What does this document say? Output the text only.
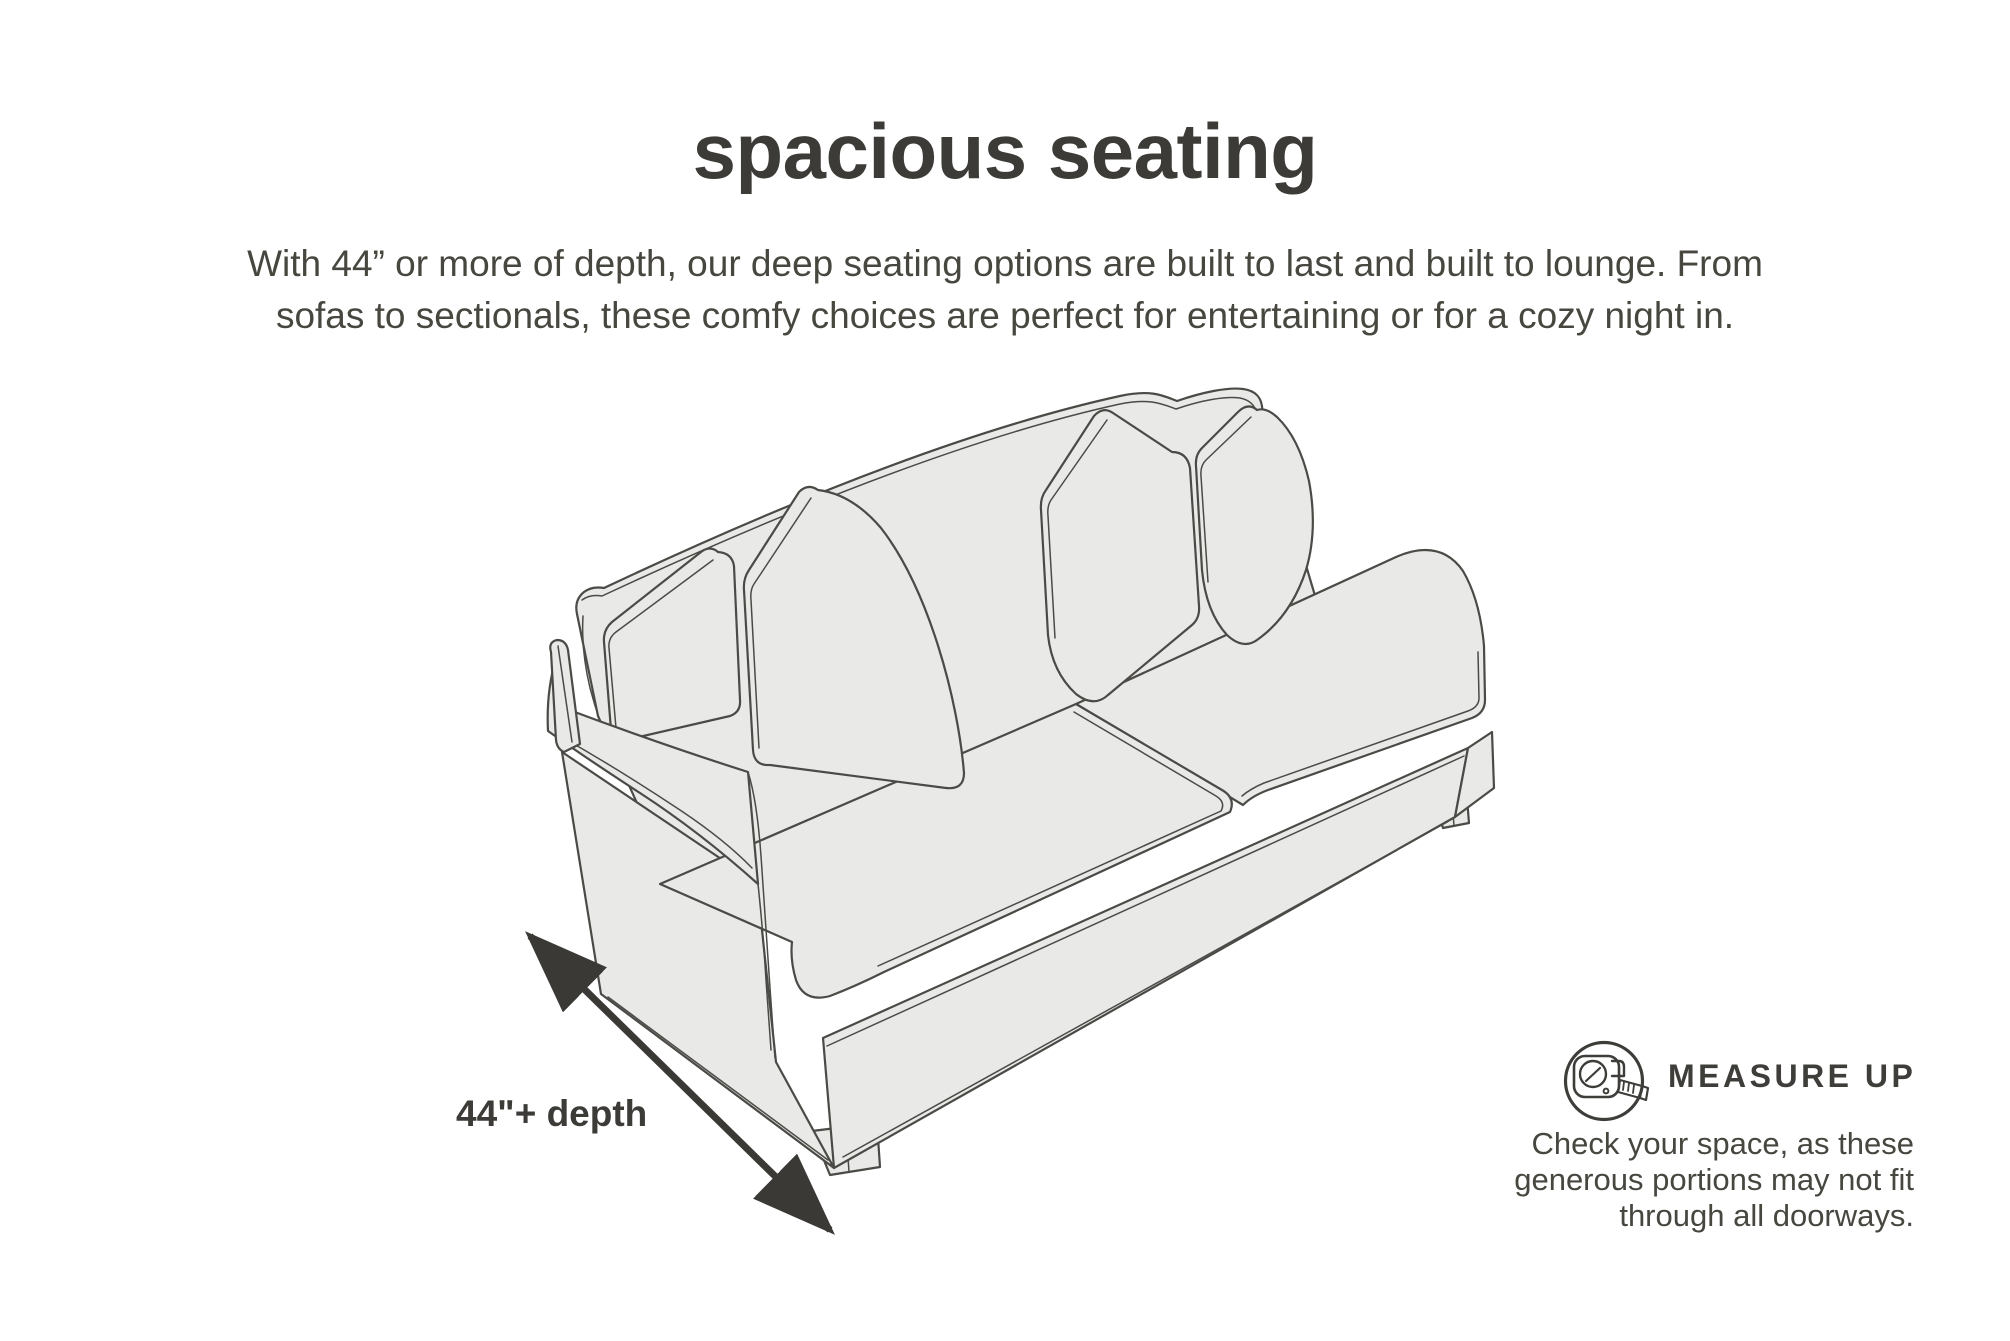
spacious seating
With 44” or more of depth, our deep seating options are built to last and built to lounge. From
sofas to sectionals, these comfy choices are perfect for entertaining or for a cozy night in.
44"+ depth
MEASURE UP
Check your space, as these generous portions may not fit through all doorways.
